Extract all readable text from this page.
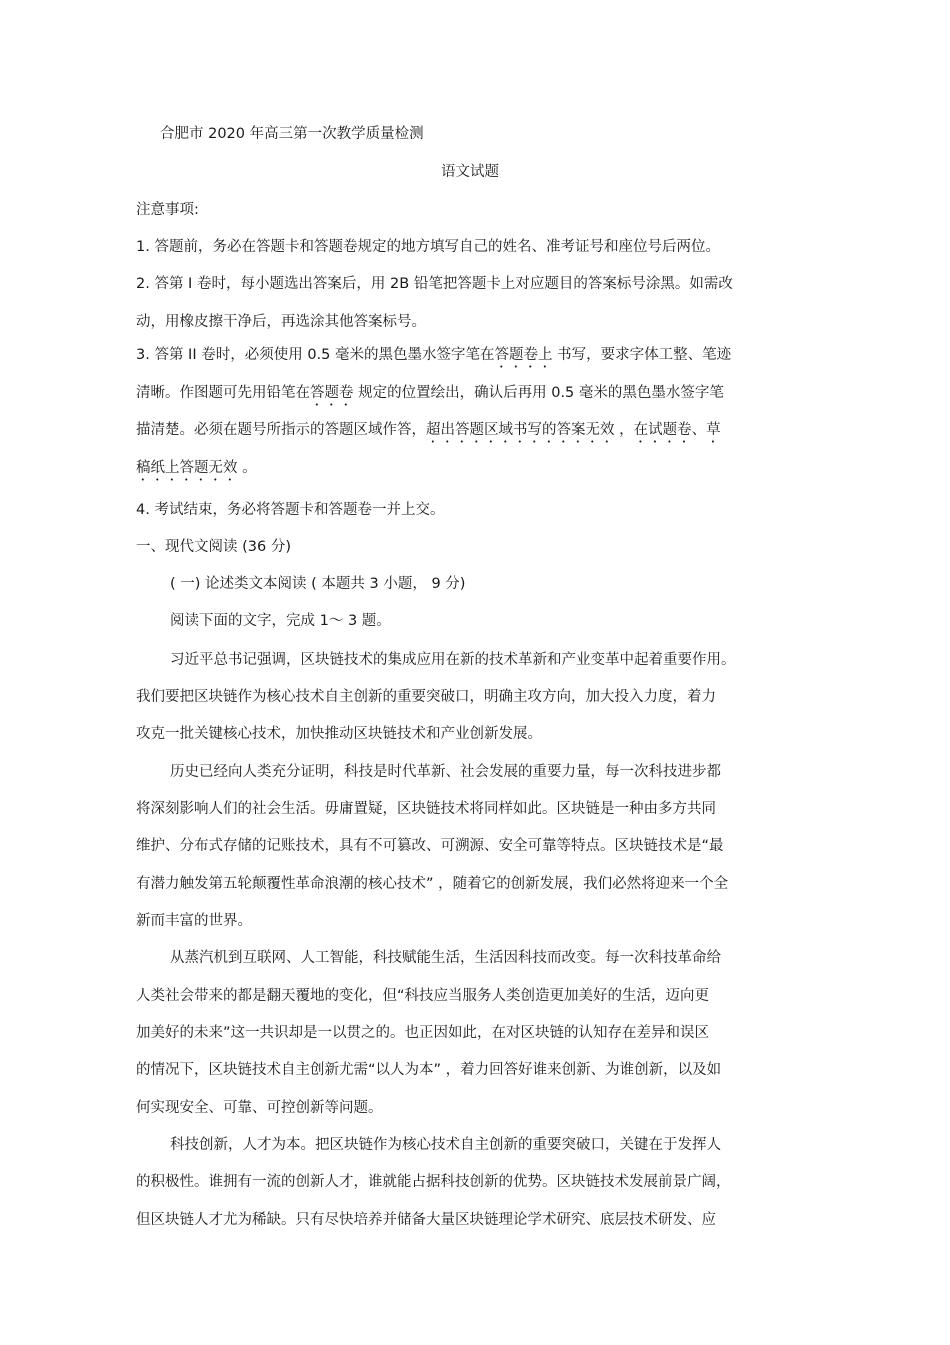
合肥市 2020 年高三第一次教学质量检测
语文试题
注意事项:
1. 答题前，务必在答题卡和答题卷规定的地方填写自己的姓名、准考证号和座位号后两位。
2. 答第 I 卷时，每小题选出答案后，用 2B 铅笔把答题卡上对应题目的答案标号涂黑。如需改
动，用橡皮擦干净后，再选涂其他答案标号。
3. 答第 II 卷时，必须使用 0.5 毫米的黑色墨水签字笔在答题卷上 书写，要求字体工整、笔迹
清晰。作图题可先用铅笔在答题卷 规定的位置绘出，确认后再用 0.5 毫米的黑色墨水签字笔
描清楚。必须在题号所指示的答题区域作答，超出答题区域书写的答案无效 ，在试题卷、草
稿纸上答题无效 。
4. 考试结束，务必将答题卡和答题卷一并上交。
一、现代文阅读 (36 分)
( 一) 论述类文本阅读 ( 本题共 3 小题， 9 分)
阅读下面的文字，完成 1～ 3 题。
习近平总书记强调，区块链技术的集成应用在新的技术革新和产业变革中起着重要作用。
我们要把区块链作为核心技术自主创新的重要突破口，明确主攻方向，加大投入力度，着力
攻克一批关键核心技术，加快推动区块链技术和产业创新发展。
历史已经向人类充分证明，科技是时代革新、社会发展的重要力量，每一次科技进步都
将深刻影响人们的社会生活。毋庸置疑，区块链技术将同样如此。区块链是一种由多方共同
维护、分布式存储的记账技术，具有不可篡改、可溯源、安全可靠等特点。区块链技术是“最
有潜力触发第五轮颠覆性革命浪潮的核心技术” ，随着它的创新发展，我们必然将迎来一个全
新而丰富的世界。
从蒸汽机到互联网、人工智能，科技赋能生活，生活因科技而改变。每一次科技革命给
人类社会带来的都是翻天覆地的变化，但“科技应当服务人类创造更加美好的生活，迈向更
加美好的未来”这一共识却是一以贯之的。也正因如此，在对区块链的认知存在差异和误区
的情况下，区块链技术自主创新尤需“以人为本” ，着力回答好谁来创新、为谁创新，以及如
何实现安全、可靠、可控创新等问题。
科技创新，人才为本。把区块链作为核心技术自主创新的重要突破口，关键在于发挥人
的积极性。谁拥有一流的创新人才，谁就能占据科技创新的优势。区块链技术发展前景广阔，
但区块链人才尤为稀缺。只有尽快培养并储备大量区块链理论学术研究、底层技术研发、应
